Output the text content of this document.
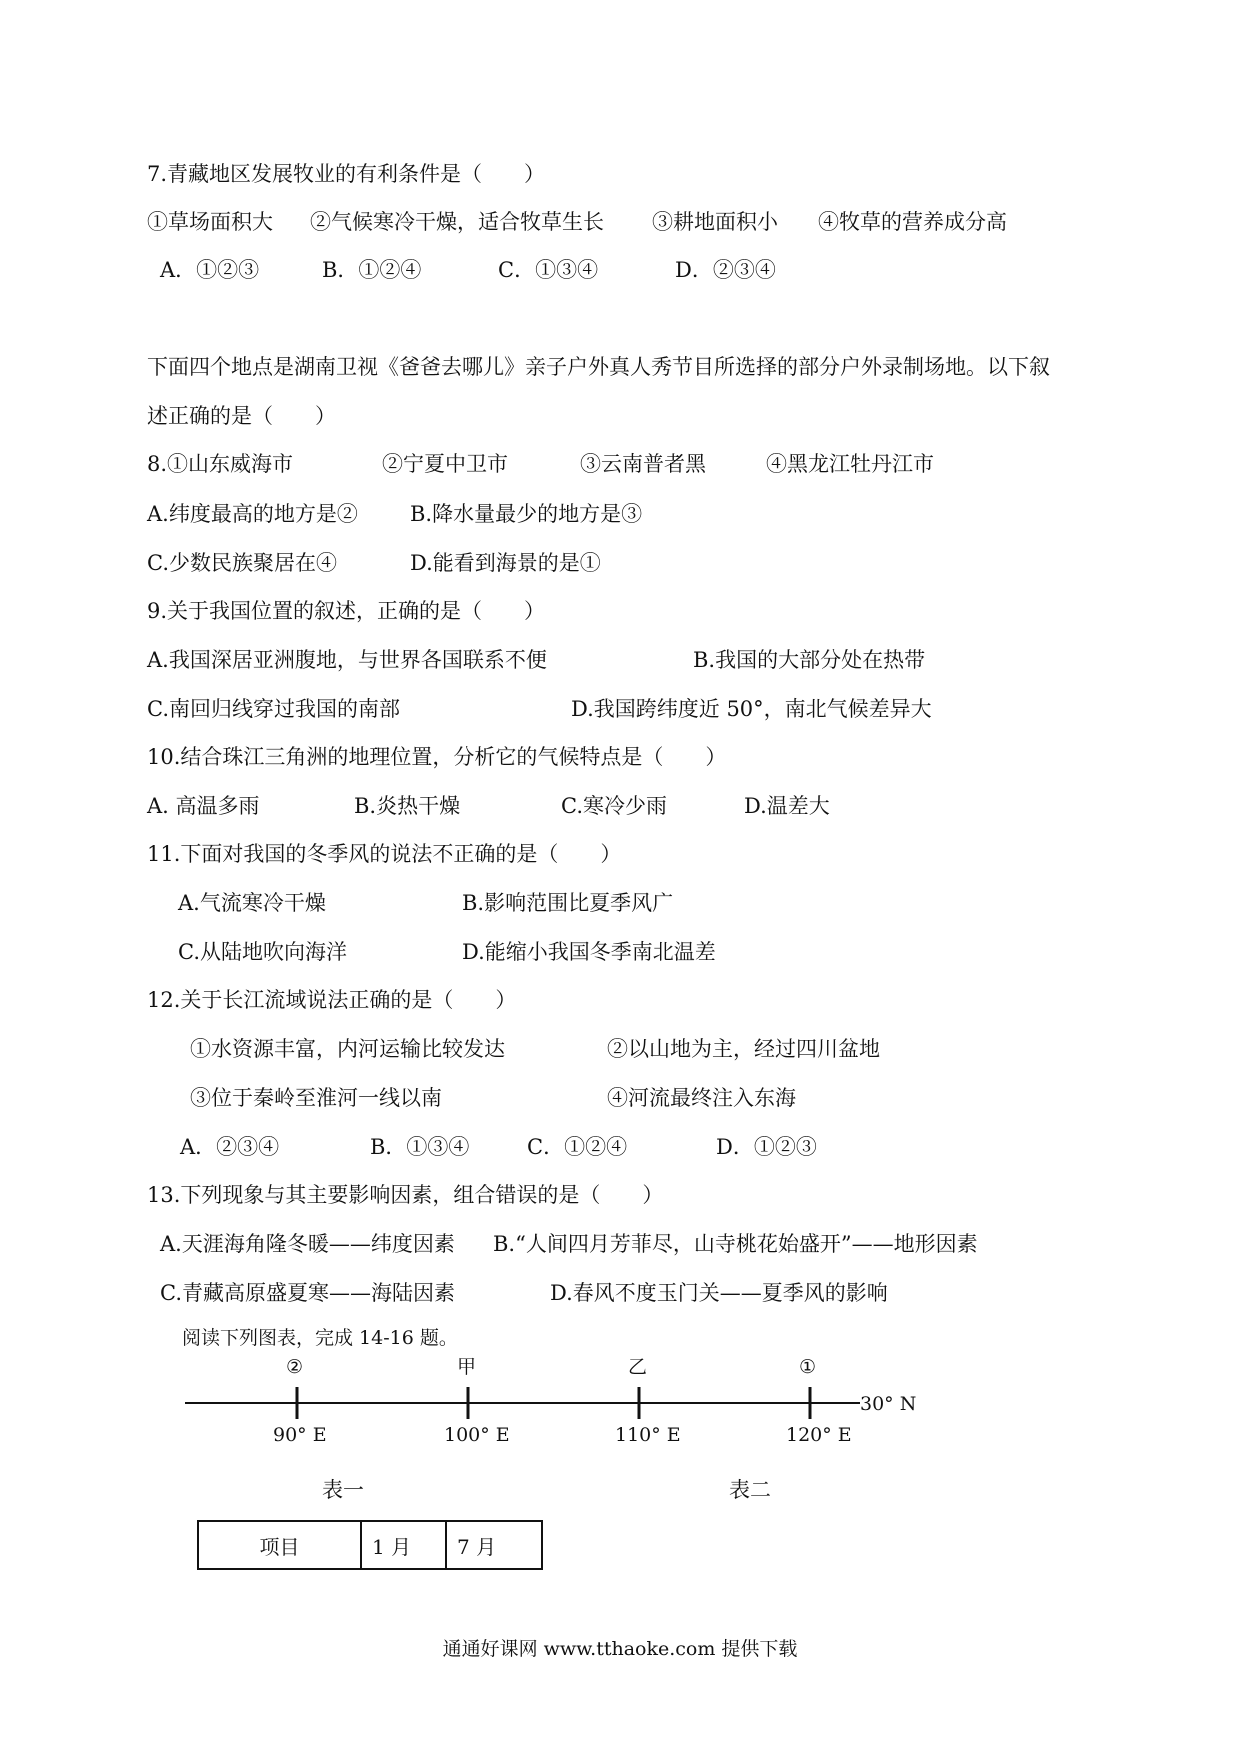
7.青藏地区发展牧业的有利条件是（　　）
①草场面积大 ②气候寒冷干燥，适合牧草生长 ③耕地面积小 ④牧草的营养成分高
A．①②③	B．①②④	C．①③④	D．②③④
下面四个地点是湖南卫视《爸爸去哪儿》亲子户外真人秀节目所选择的部分户外录制场地。以下叙
述正确的是（　　）
8.①山东威海市	②宁夏中卫市	③云南普者黑	④黑龙江牡丹江市
A.纬度最高的地方是② B.降水量最少的地方是③
C.少数民族聚居在④	D.能看到海景的是①
9.关于我国位置的叙述，正确的是（　　）
A.我国深居亚洲腹地，与世界各国联系不便	B.我国的大部分处在热带
C.南回归线穿过我国的南部	D.我国跨纬度近 50°，南北气候差异大
10.结合珠江三角洲的地理位置，分析它的气候特点是（　　）
A. 高温多雨	B.炎热干燥	C.寒冷少雨	D.温差大
11.下面对我国的冬季风的说法不正确的是（　　）
A.气流寒冷干燥	B.影响范围比夏季风广
C.从陆地吹向海洋	D.能缩小我国冬季南北温差
12.关于长江流域说法正确的是（　　）
①水资源丰富，内河运输比较发达	②以山地为主，经过四川盆地
③位于秦岭至淮河一线以南	④河流最终注入东海
A．②③④	B．①③④	C．①②④	D．①②③
13.下列现象与其主要影响因素，组合错误的是（　　）
A.天涯海角隆冬暖——纬度因素 B.“人间四月芳菲尽，山寺桃花始盛开”——地形因素
C.青藏高原盛夏寒——海陆因素	D.春风不度玉门关——夏季风的影响
阅读下列图表，完成 14-16 题。
②
90° E
甲
100° E
乙
110° E
①
120° E
30° N
表一	表二
项目	1 月	7 月
通通好课网 www.tthaoke.com 提供下载
